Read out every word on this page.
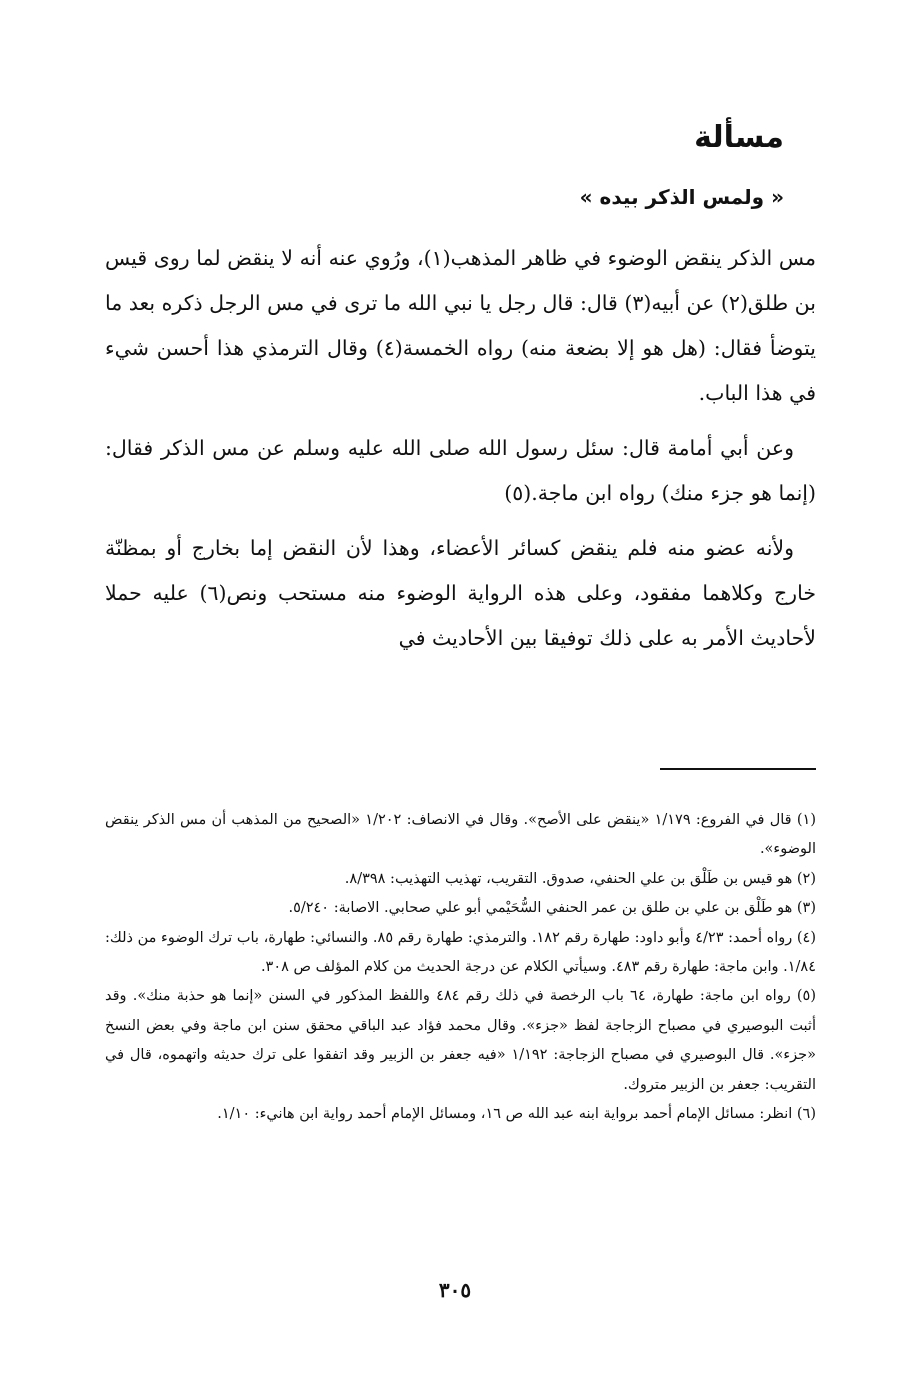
مسألة
« ولمس الذكر بيده »

مس الذكر ينقض الوضوء في ظاهر المذهب(١)، ورُوي عنه أنه لا ينقض لما روى قيس بن طلق(٢) عن أبيه(٣) قال: قال رجل يا نبي الله ما ترى في مس الرجل ذكره بعد ما يتوضأ فقال: (هل هو إلا بضعة منه) رواه الخمسة(٤) وقال الترمذي هذا أحسن شيء في هذا الباب.

وعن أبي أمامة قال: سئل رسول الله صلى الله عليه وسلم عن مس الذكر فقال: (إنما هو جزء منك) رواه ابن ماجة.(٥)

ولأنه عضو منه فلم ينقض كسائر الأعضاء، وهذا لأن النقض إما بخارج أو بمظنّة خارج وكلاهما مفقود، وعلى هذه الرواية الوضوء منه مستحب ونص(٦) عليه حملا لأحاديث الأمر به على ذلك توفيقا بين الأحاديث في

(١) قال في الفروع: ١/١٧٩ «ينقض على الأصح». وقال في الانصاف: ١/٢٠٢ «الصحيح من المذهب أن مس الذكر ينقض الوضوء».

(٢) هو قيس بن طَلْق بن علي الحنفي، صدوق. التقريب، تهذيب التهذيب: ٨/٣٩٨.

(٣) هو طَلْق بن علي بن طلق بن عمر الحنفي السُّحَيْمي أبو علي صحابي. الاصابة: ٥/٢٤٠.

(٤) رواه أحمد: ٤/٢٣ وأبو داود: طهارة رقم ١٨٢. والترمذي: طهارة رقم ٨٥. والنسائي: طهارة، باب ترك الوضوء من ذلك: ١/٨٤. وابن ماجة: طهارة رقم ٤٨٣. وسيأتي الكلام عن درجة الحديث من كلام المؤلف ص ٣٠٨.

(٥) رواه ابن ماجة: طهارة، ٦٤ باب الرخصة في ذلك رقم ٤٨٤ واللفظ المذكور في السنن «إنما هو حذبة منك». وقد أثبت البوصيري في مصباح الزجاجة لفظ «جزء». وقال محمد فؤاد عبد الباقي محقق سنن ابن ماجة وفي بعض النسخ «جزء». قال البوصيري في مصباح الزجاجة: ١/١٩٢ «فيه جعفر بن الزبير وقد اتفقوا على ترك حديثه واتهموه، قال في التقريب: جعفر بن الزبير متروك.

(٦) انظر: مسائل الإمام أحمد برواية ابنه عبد الله ص ١٦، ومسائل الإمام أحمد رواية ابن هانيء: ١/١٠.

٣٠٥
